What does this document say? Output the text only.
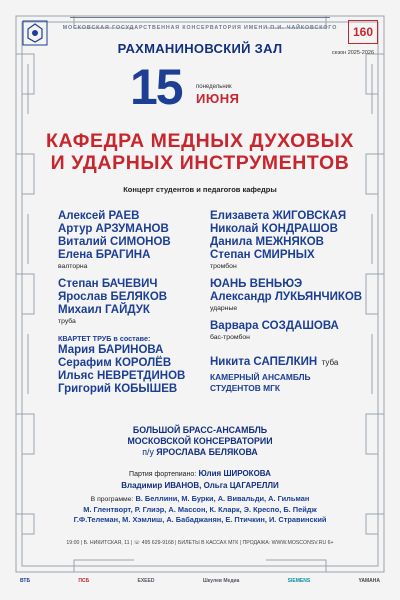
160
МОСКОВСКАЯ ГОСУДАРСТВЕННАЯ КОНСЕРВАТОРИЯ ИМЕНИ П.И. ЧАЙКОВСКОГО
РАХМАНИНОВСКИЙ ЗАЛ	сезон 2025-2026
15 понедельник
ИЮНЯ
КАФЕДРА МЕДНЫХ ДУХОВЫХ
И УДАРНЫХ ИНСТРУМЕНТОВ
Концерт студентов и педагогов кафедры
Алексей РАЕВ
Артур АРЗУМАНОВ
Виталий СИМОНОВ
Елена БРАГИНА
валторна
Степан БАЧЕВИЧ
Ярослав БЕЛЯКОВ
Михаил ГАЙДУК
труба
КВАРТЕТ ТРУБ в составе:
Мария БАРИНОВА
Серафим КОРОЛЁВ
Ильяс НЕВРЕТДИНОВ
Григорий КОБЫШЕВ
Елизавета ЖИГОВСКАЯ
Николай КОНДРАШОВ
Данила МЕЖНЯКОВ
Степан СМИРНЫХ
тромбон
ЮАНЬ ВЕНЬЮЭ
Александр ЛУКЬЯНЧИКОВ
ударные
Варвара СОЗДАШОВА
бас-тромбон
Никита САПЕЛКИН туба
КАМЕРНЫЙ АНСАМБЛЬ
СТУДЕНТОВ МГК
БОЛЬШОЙ БРАСС-АНСАМБЛЬ
МОСКОВСКОЙ КОНСЕРВАТОРИИ
п/у ЯРОСЛАВА БЕЛЯКОВА
Партия фортепиано: Юлия ШИРОКОВА
Владимир ИВАНОВ, Ольга ЦАГАРЕЛЛИ
В программе: В. Беллини, М. Бурки, А. Вивальди, А. Гильман
М. Глентворт, Р. Глиэр, А. Массон, К. Кларк, Э. Креспо, Б. Пейдж
Г.Ф.Телеман, М. Хэмлиш, А. Бабаджанян, Е. Птичкин, И. Стравинский
19:00 | Б. НИКИТСКАЯ, 11 | ☏ 495 629-9168 | БИЛЕТЫ В КАССАХ МГК | ПРОДАЖА: WWW.MOSCONSV.RU 6+
ВТБ	ПСБ	EXEED	Шкулев Медиа	SIEMENS	YAMAHA
